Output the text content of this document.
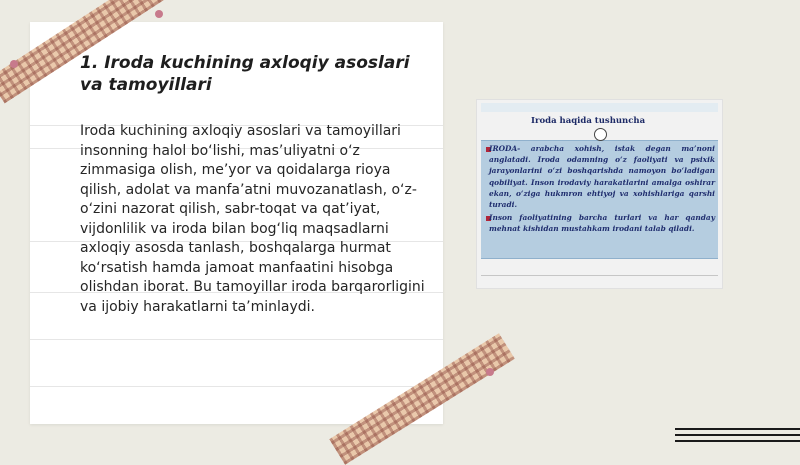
1. Iroda kuchining axloqiy asoslari va tamoyillari

Iroda kuchining axloqiy asoslari va tamoyillari insonning halol bo‘lishi, mas’uliyatni o‘z zimmasiga olish, me’yor va qoidalarga rioya qilish, adolat va manfa’atni muvozanatlash, o‘z-o‘zini nazorat qilish, sabr-toqat va qat’iyat, vijdonlilik va iroda bilan bog‘liq maqsadlarni axloqiy asosda tanlash, boshqalarga hurmat ko‘rsatish hamda jamoat manfaatini hisobga olishdan iborat. Bu tamoyillar iroda barqarorligini va ijobiy harakatlarni ta’minlaydi.

Iroda haqida tushuncha

IRODA- arabcha xohish, istak degan ma’noni anglatadi. Iroda odamning o‘z faoliyati va psixik jarayonlarini o‘zi boshqarishda namoyon bo‘ladigan qobiliyat. Inson irodaviy harakatlarini amalga oshirar ekan, o‘ziga hukmron ehtiyoj va xohishlariga qarshi turadi.

Inson faoliyatining barcha turlari va har qanday mehnat kishidan mustahkam irodani talab qiladi.
